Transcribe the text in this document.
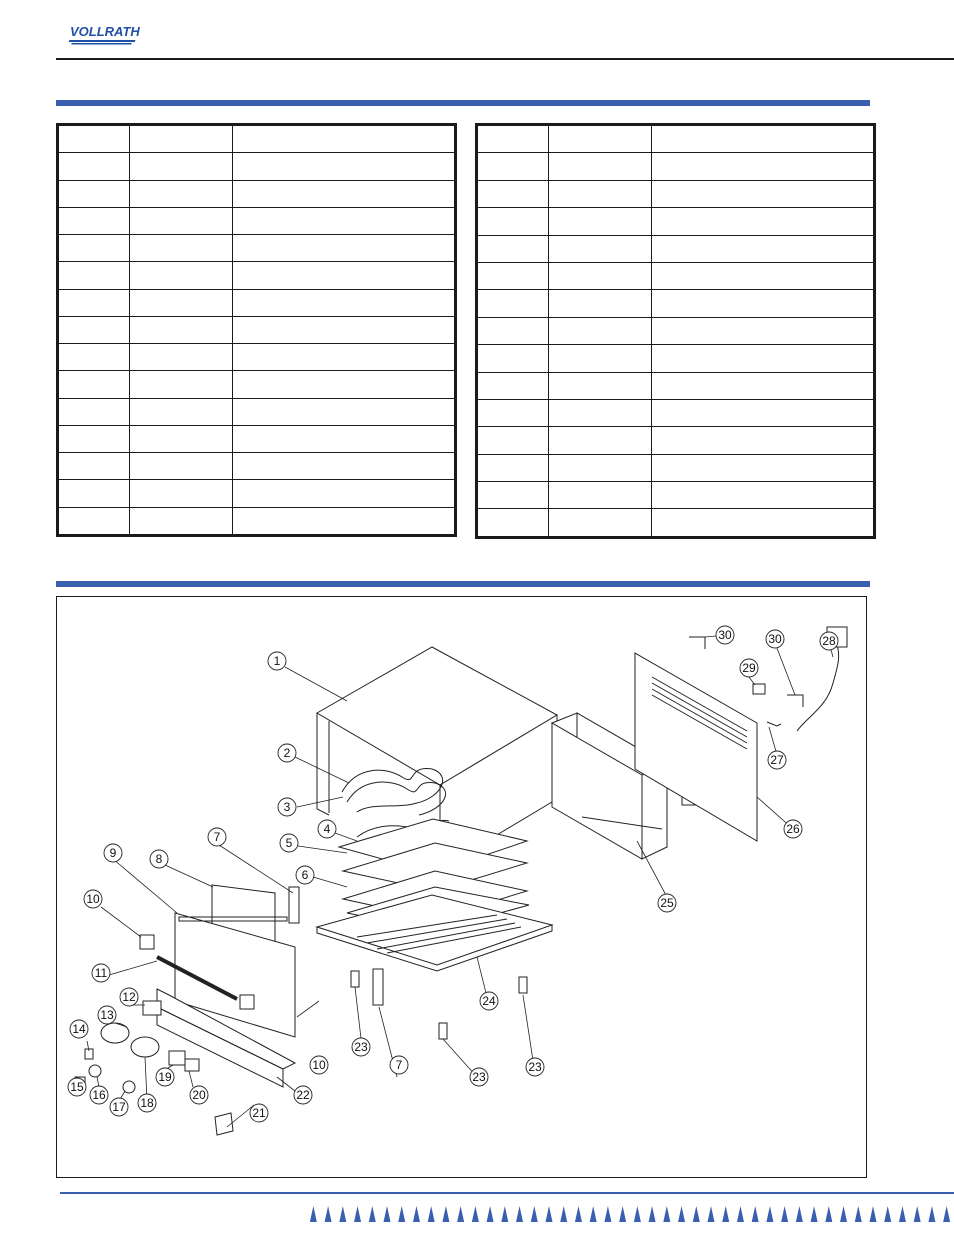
VOLLRATH

1
2
3
4
5
6
7
8
9
10
11
12
13
14
15
16
17 18
19
20
21
22
23
23
23
24
25
26
27
28
29
30
30
7
10
